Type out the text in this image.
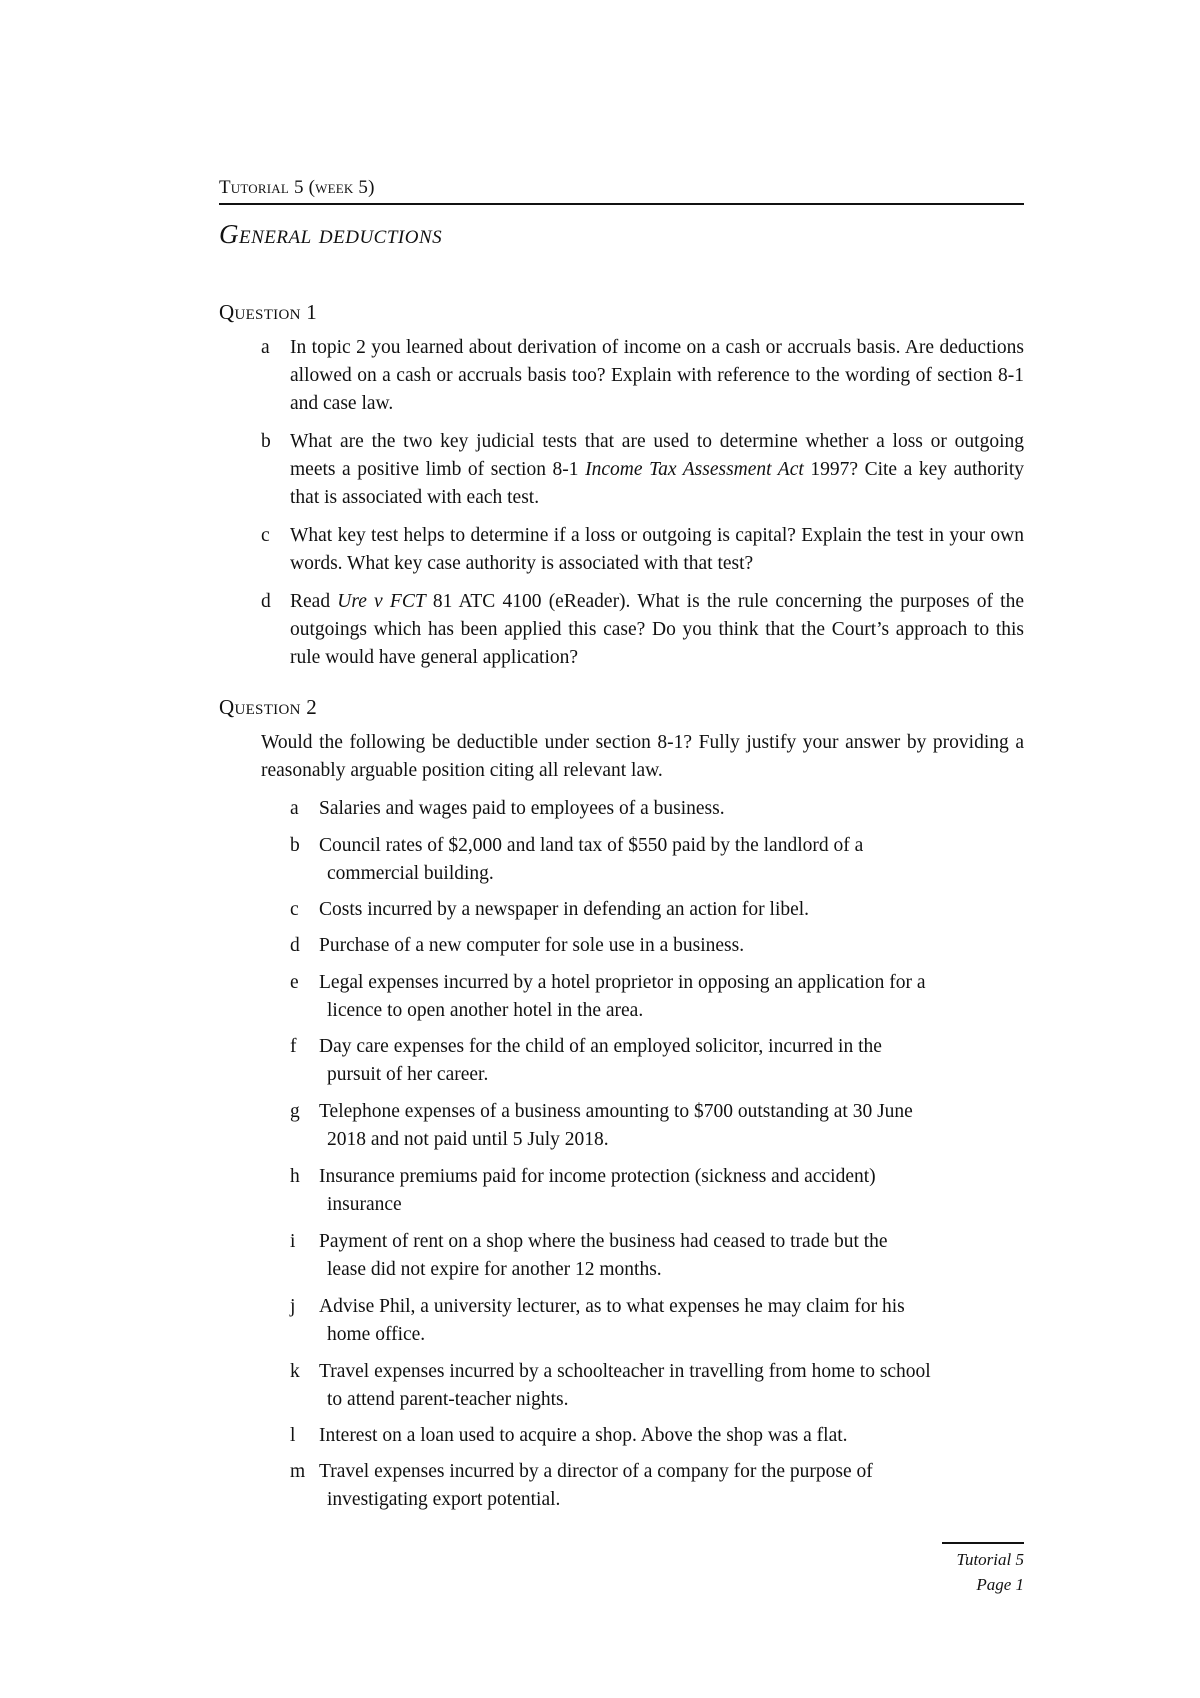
Tutorial 5 (week 5)
General deductions
Question 1
a	In topic 2 you learned about derivation of income on a cash or accruals basis. Are deductions allowed on a cash or accruals basis too? Explain with reference to the wording of section 8-1 and case law.
b What are the two key judicial tests that are used to determine whether a loss or outgoing meets a positive limb of section 8-1 Income Tax Assessment Act 1997? Cite a key authority that is associated with each test.
c	What key test helps to determine if a loss or outgoing is capital? Explain the test in your own words. What key case authority is associated with that test?
d Read Ure v FCT 81 ATC 4100 (eReader). What is the rule concerning the purposes of the outgoings which has been applied this case? Do you think that the Court’s approach to this rule would have general application?
Question 2
Would the following be deductible under section 8-1? Fully justify your answer by providing a reasonably arguable position citing all relevant law.
a	Salaries and wages paid to employees of a business.
b Council rates of $2,000 and land tax of $550 paid by the landlord of a
commercial building.
c	Costs incurred by a newspaper in defending an action for libel.
d Purchase of a new computer for sole use in a business.
e	Legal expenses incurred by a hotel proprietor in opposing an application for a
licence to open another hotel in the area.
f	Day care expenses for the child of an employed solicitor, incurred in the
pursuit of her career.
g Telephone expenses of a business amounting to $700 outstanding at 30 June
2018 and not paid until 5 July 2018.
h Insurance premiums paid for income protection (sickness and accident)
insurance
i	Payment of rent on a shop where the business had ceased to trade but the
lease did not expire for another 12 months.
j	Advise Phil, a university lecturer, as to what expenses he may claim for his
home office.
k Travel expenses incurred by a schoolteacher in travelling from home to school
to attend parent-teacher nights.
l	Interest on a loan used to acquire a shop. Above the shop was a flat.
m Travel expenses incurred by a director of a company for the purpose of
investigating export potential.
Tutorial 5
Page 1
